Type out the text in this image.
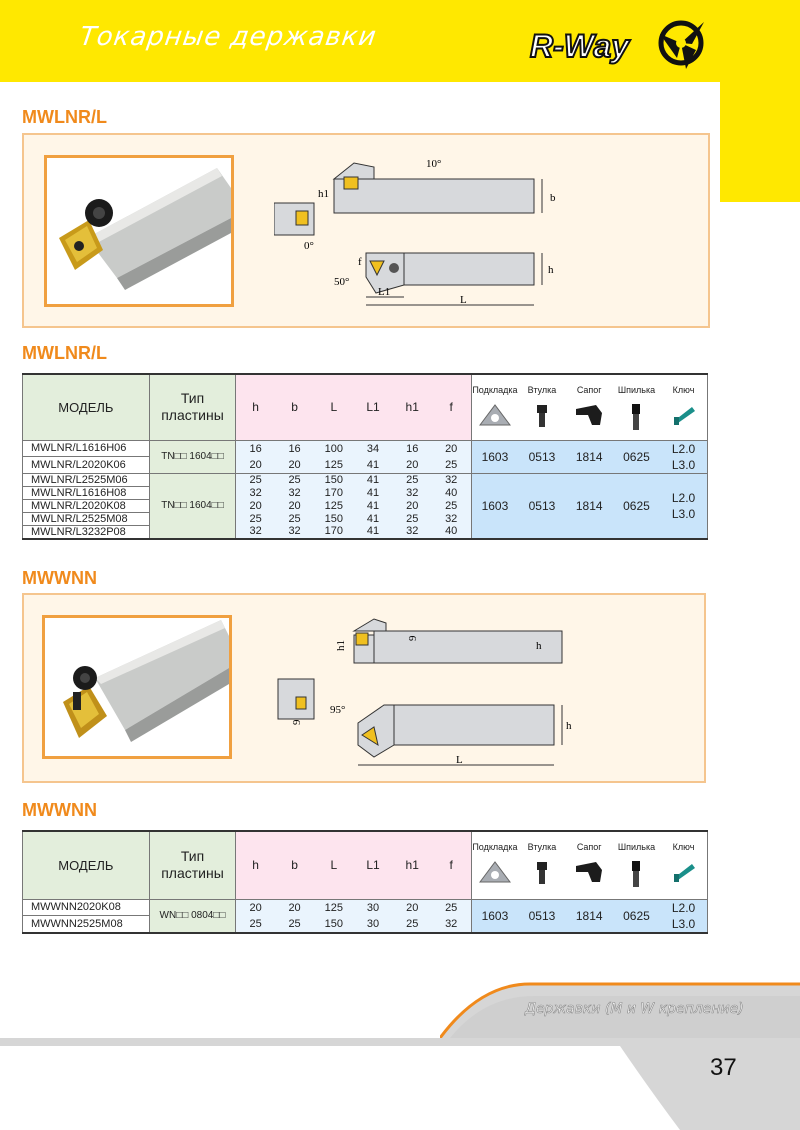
Токарные державки	R-Way
MWLNR/L
10°
h1	b
0°
f
h
50°
L1
L
MWLNR/L
МОДЕЛЬ	Тип пластины	h	b	L	L1	h1	f	Подкладка	Втулка	Сапог	Шпилька	Ключ

MWLNR/L1616H06	TN□□ 1604□□	16	16	100	34	16	20	1603	0513	1814	0625	L2.0
L3.0

MWLNR/L2020K06		20	20	125	41	20	25					
MWLNR/L2525M06	TN□□ 1604□□	25	25	150	41	25	32	1603	0513	1814	0625	L2.0
L3.0

MWLNR/L1616H08		32	32	170	41	32	40					
MWLNR/L2020K08		20	20	125	41	20	25					
MWLNR/L2525M08		25	25	150	41	25	32					
MWLNR/L3232P08		32	32	170	41	32	40					
MWWNN
h1
9
h
9
95°
h
L
MWWNN
МОДЕЛЬ	Тип пластины	h	b	L	L1	h1	f	Подкладка	Втулка	Сапог	Шпилька	Ключ

MWWNN2020K08	WN□□ 0804□□	20	20	125	30	20	25	1603	0513	1814	0625	L2.0
L3.0

MWWNN2525M08		25	25	150	30	25	32					
Державки (M и W крепление)
37
